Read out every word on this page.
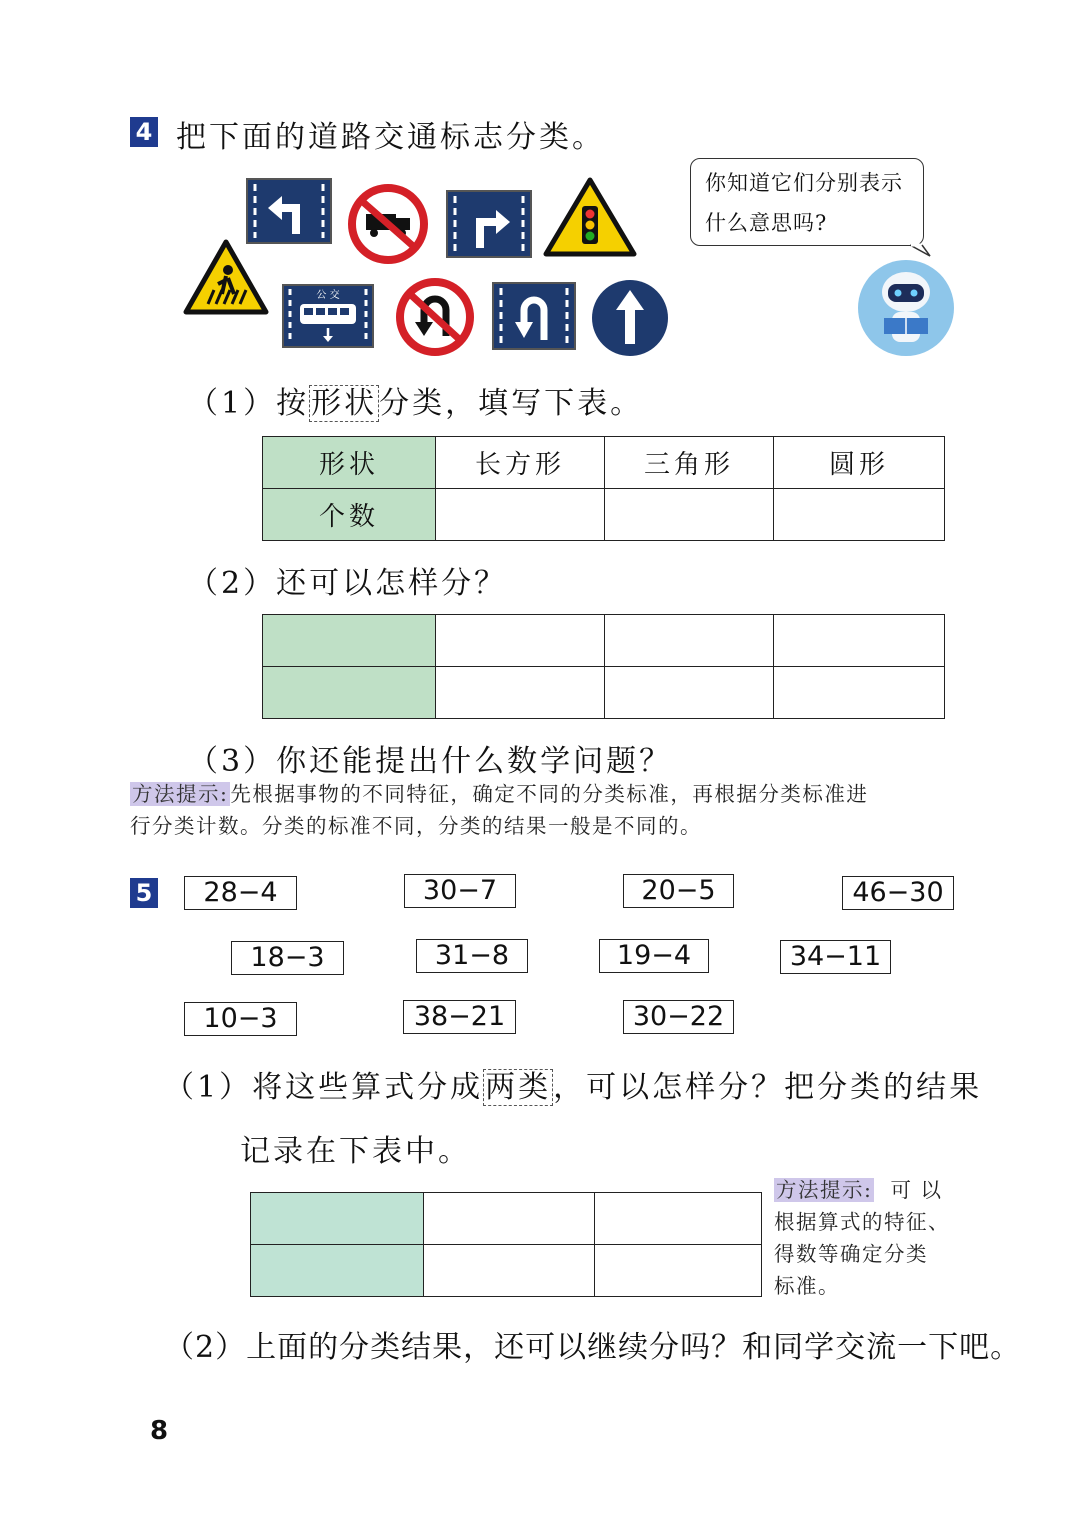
4 把下面的道路交通标志分类。
公 交
你知道它们分别表示
什么意思吗?
（1）按形状分类，填写下表。
形状	长方形	三角形	圆形
个数			
（2）还可以怎样分？

（3）你还能提出什么数学问题？
方法提示:先根据事物的不同特征，确定不同的分类标准，再根据分类标准进
行分类计数。分类的标准不同，分类的结果一般是不同的。
5	28−4	30−7	20−5	46−30
18−3	31−8	19−4	34−11
10−3	38−21	30−22
（1）将这些算式分成两类，可以怎样分？把分类的结果
记录在下表中。

方法提示: 可 以
根据算式的特征、
得数等确定分类
标准。
（2）上面的分类结果，还可以继续分吗？和同学交流一下吧。
8
